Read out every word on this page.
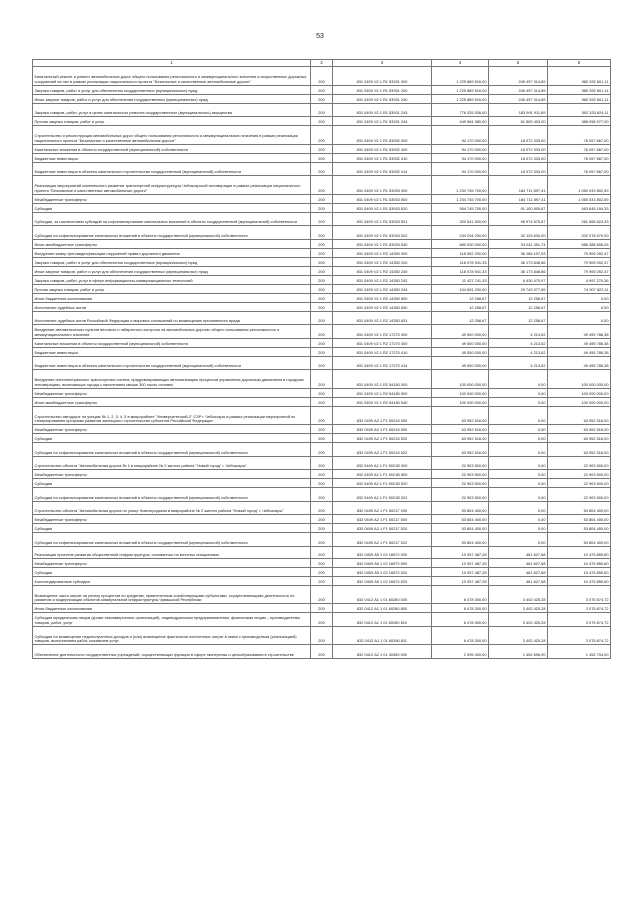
53
1	2	3	4	5	6
Капитальный ремонт и ремонт автомобильных дорог общего пользования регионального и межмуниципального значения и искусственных дорожных сооружений на них в рамках реализации национального проекта "Безопасные и качественные автомобильные дороги"	200	831 0409 Ч2 1 R1 53931 000	1 225 889 916,00	245 497 314,89	980 392 601,11
Закупка товаров, работ и услуг для обеспечения государственных (муниципальных) нужд	200	831 0409 Ч2 1 R1 53931 200	1 225 889 916,00	245 497 314,89	980 392 601,11
Иные закупки товаров, работ и услуг для обеспечения государственных (муниципальных) нужд	200	831 0409 Ч2 1 R1 53931 240	1 225 889 916,00	245 497 314,89	980 392 601,11
Закупка товаров, работ, услуг в целях капитального ремонта государственного (муниципального) имущества	200	831 0409 Ч2 1 R1 53931 243	776 325 536,00	183 991 911,89	592 333 624,11
Прочая закупка товаров, работ и услуг	200	831 0409 Ч2 1 R1 53931 244	449 564 380,00	61 505 403,00	388 058 977,00
Строительство и реконструкция автомобильных дорог общего пользования регионального и межмуниципального значения в рамках реализации национального проекта "Безопасные и качественные автомобильные дороги"	200	831 0409 Ч2 1 R1 53932 000	94 170 000,00	18 072 333,00	76 097 667,00
Капитальные вложения в объекты государственной (муниципальной) собственности	200	831 0409 Ч2 1 R1 53932 400	94 170 000,00	18 072 333,00	76 097 667,00
Бюджетные инвестиции	200	831 0409 Ч2 1 R1 53932 410	94 170 000,00	18 072 333,00	76 097 667,00
Бюджетные инвестиции в объекты капитального строительства государственной (муниципальной) собственности	200	831 0409 Ч2 1 R1 53932 414	94 170 000,00	18 072 333,00	76 097 667,00
Реализация мероприятий комплексного развития транспортной инфраструктуры Чебоксарской агломерации в рамках реализации национального проекта "Безопасные и качественные автомобильные дороги"	200	831 0409 Ч2 1 R1 53933 000	1 234 745 700,00	184 711 897,41	1 050 033 802,59
Межбюджетные трансферты	200	831 0409 Ч2 1 R1 53933 500	1 234 745 700,00	184 711 897,41	1 050 033 802,59
Субсидии	200	831 0409 Ч2 1 R1 53933 520	554 745 700,00	91 100 505,67	463 645 194,33
Субсидии, за исключением субсидий на софинансирование капитальных вложений в объекты государственной (муниципальной) собственности	200	831 0409 Ч2 1 R1 53933 521	320 541 500,00	58 974 875,67	261 566 624,33
Субсидии на софинансирование капитальных вложений в объекты государственной (муниципальной) собственности	200	831 0409 Ч2 1 R1 53933 522	234 204 200,00	32 125 630,00	202 078 570,00
Иные межбюджетные трансферты	200	831 0409 Ч2 1 R1 53933 540	680 000 000,00	93 611 391,74	586 388 608,26
Внедрение камер фотовидеофиксации нарушений правил дорожного движения	200	831 0409 Ч2 1 R2 14350 000	116 092 200,00	36 186 107,53	79 906 092,47
Закупка товаров, работ и услуг для обеспечения государственных (муниципальных) нужд	200	831 0409 Ч2 1 R2 14350 200	116 078 941,33	36 173 848,86	79 905 092,47
Иные закупки товаров, работ и услуг для обеспечения государственных (муниципальных) нужд	200	831 0409 Ч2 1 R2 14350 240	116 078 941,33	36 173 848,86	79 905 092,47
Закупка товаров, работ, услуг в сфере информационно-коммуникационных технологий	200	831 0409 Ч2 1 R2 14350 242	11 427 741,33	6 430 470,97	4 997 270,36
Прочая закупка товаров, работ и услуг	200	831 0409 Ч2 1 R2 14350 244	104 651 200,00	29 743 377,89	74 907 822,11
Иные бюджетные ассигнования	200	831 0409 Ч2 1 R2 14350 800	12 258,67	12 258,67	0,00
Исполнение судебных актов	200	831 0409 Ч2 1 R2 14350 830	12 258,67	12 258,67	0,00
Исполнение судебных актов Российской Федерации и мировых соглашений по возмещению причиненного вреда	200	831 0409 Ч2 1 R2 14350 831	12 258,67	12 258,67	0,00
Внедрение автоматических пунктов весового и габаритного контроля на автомобильных дорогах общего пользования регионального и межмуниципального значения	200	831 0409 Ч2 1 R2 17270 000	49 500 000,00	4 213,62	49 495 786,38
Капитальные вложения в объекты государственной (муниципальной) собственности	200	831 0409 Ч2 1 R2 17270 400	49 500 000,00	4 213,62	49 495 786,38
Бюджетные инвестиции	200	831 0409 Ч2 1 R2 17270 410	49 500 000,00	4 213,62	49 495 786,38
Бюджетные инвестиции в объекты капитального строительства государственной (муниципальной) собственности	200	831 0409 Ч2 1 R2 17270 414	49 500 000,00	4 213,62	49 495 786,38
Внедрение интеллектуальных транспортных систем, предусматривающих автоматизацию процессов управления дорожным движением в городских агломерациях, включающих города с населением свыше 300 тысяч человек	200	831 0409 Ч2 1 R2 54180 000	100 000 000,00	0,00	100 000 000,00
Межбюджетные трансферты	200	831 0409 Ч2 1 R2 54180 500	100 000 000,00	0,00	100 000 000,00
Иные межбюджетные трансферты	200	831 0409 Ч2 1 R2 54180 540	100 000 000,00	0,00	100 000 000,00
Строительство автодорог по улицам № 1, 2, 3, 4, 5 в микрорайоне "Университетский-2" СЗР г. Чебоксары в рамках реализации мероприятий по стимулированию программ развития жилищного строительства субъектов Российской Федерации	200	832 0409 А2 1 F1 50216 000	63 952 516,00	0,00	63 952 516,00
Межбюджетные трансферты	200	832 0409 А2 1 F1 50216 500	63 952 516,00	0,00	63 952 516,00
Субсидии	200	832 0409 А2 1 F1 50216 520	63 952 516,00	0,00	63 952 516,00
Субсидии на софинансирование капитальных вложений в объекты государственной (муниципальной) собственности	200	832 0409 А2 1 F1 50216 522	63 952 516,00	0,00	63 952 516,00
Строительство объекта "Автомобильная дорога № 1 в микрорайоне № 2 жилого района "Новый город" г. Чебоксары"	200	832 0409 А2 1 F1 5021В 000	22 903 500,00	0,00	22 903 500,00
Межбюджетные трансферты	200	832 0409 А2 1 F1 5021В 500	22 903 500,00	0,00	22 903 500,00
Субсидии	200	832 0409 А2 1 F1 5021В 520	22 903 500,00	0,00	22 903 500,00
Субсидии на софинансирование капитальных вложений в объекты государственной (муниципальной) собственности	200	832 0409 А2 1 F1 5021В 522	22 903 500,00	0,00	22 903 500,00
Строительство объекта "Автомобильная дорога по улице Новогородская в микрорайоне № 2 жилого района "Новый город" г. Чебоксары"	200	832 0409 А2 1 F1 5021Г 000	53 804 400,00	0,00	53 804 400,00
Межбюджетные трансферты	200	832 0409 А2 1 F1 5021Г 500	53 804 400,00	0,00	53 804 400,00
Субсидии	200	832 0409 А2 1 F1 5021Г 520	53 804 400,00	0,00	53 804 400,00
Субсидии на софинансирование капитальных вложений в объекты государственной (муниципальной) собственности	200	832 0409 А2 1 F1 5021Г 522	53 804 400,00	0,00	53 804 400,00
Реализация проектов развития общественной инфраструктуры, основанных на местных инициативах	200	832 0409 А5 1 02 16570 000	10 937 487,28	461 627,68	10 475 859,60
Межбюджетные трансферты	200	832 0409 А5 1 02 16570 500	10 937 487,28	461 627,68	10 475 859,60
Субсидии	200	832 0409 А5 1 02 16570 520	10 937 487,28	461 627,68	10 475 859,60
Консолидированные субсидии	200	832 0409 А5 1 02 16570 523	10 937 487,28	461 627,68	10 475 859,60
Возмещение части затрат на уплату процентов по кредитам, привлеченным хозяйствующими субъектами, осуществляющими деятельность по развитию и модернизации объектов коммунальной инфраструктуры Чувашской Республики	200	832 0412 А1 1 01 60280 000	6 478 300,00	3 402 425,28	3 075 874,72
Иные бюджетные ассигнования	200	832 0412 А1 1 01 60280 800	6 478 300,00	3 402 425,28	3 075 874,72
Субсидии юридическим лицам (кроме некоммерческих организаций), индивидуальным предпринимателям, физическим лицам – производителям товаров, работ, услуг	200	832 0412 А1 1 01 60280 810	6 478 300,00	3 402 425,28	3 075 874,72
Субсидии на возмещение недополученных доходов и (или) возмещение фактически понесенных затрат в связи с производством (реализацией) товаров, выполнением работ, оказанием услуг	200	832 0412 А1 1 01 60280 811	6 478 300,00	3 402 425,28	3 075 874,72
Обеспечение деятельности государственных учреждений, осуществляющих функции в сфере экспертизы и ценообразования в строительстве	200	832 0412 А2 1 01 40450 000	2 905 400,00	1 452 696,00	1 452 704,00
